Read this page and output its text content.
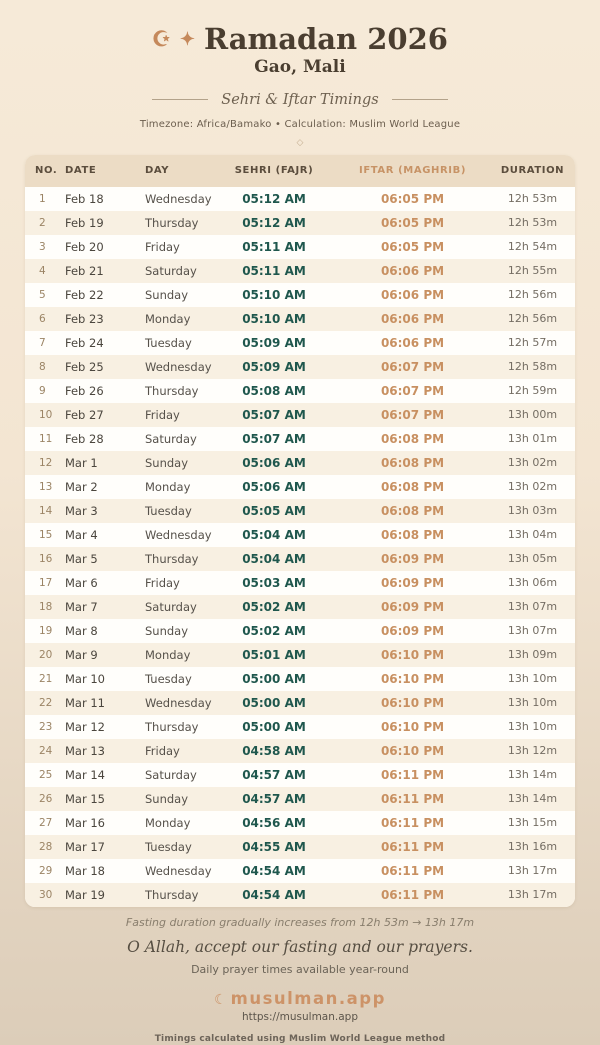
☪ ✦ Ramadan 2026
Gao, Mali
Sehri & Iftar Timings
Timezone: Africa/Bamako • Calculation: Muslim World League
◇
NO. DATE	DAY	SEHRI (FAJR)	IFTAR (MAGHRIB)	DURATION
1	Feb 18	Wednesday	05:12 AM	06:05 PM	12h 53m
2	Feb 19	Thursday	05:12 AM	06:05 PM	12h 53m
3	Feb 20	Friday	05:11 AM	06:05 PM	12h 54m
4	Feb 21	Saturday	05:11 AM	06:06 PM	12h 55m
5	Feb 22	Sunday	05:10 AM	06:06 PM	12h 56m
6	Feb 23	Monday	05:10 AM	06:06 PM	12h 56m
7	Feb 24	Tuesday	05:09 AM	06:06 PM	12h 57m
8	Feb 25	Wednesday	05:09 AM	06:07 PM	12h 58m
9	Feb 26	Thursday	05:08 AM	06:07 PM	12h 59m
10	Feb 27	Friday	05:07 AM	06:07 PM	13h 00m
11	Feb 28	Saturday	05:07 AM	06:08 PM	13h 01m
12	Mar 1	Sunday	05:06 AM	06:08 PM	13h 02m
13	Mar 2	Monday	05:06 AM	06:08 PM	13h 02m
14	Mar 3	Tuesday	05:05 AM	06:08 PM	13h 03m
15	Mar 4	Wednesday	05:04 AM	06:08 PM	13h 04m
16	Mar 5	Thursday	05:04 AM	06:09 PM	13h 05m
17	Mar 6	Friday	05:03 AM	06:09 PM	13h 06m
18	Mar 7	Saturday	05:02 AM	06:09 PM	13h 07m
19	Mar 8	Sunday	05:02 AM	06:09 PM	13h 07m
20	Mar 9	Monday	05:01 AM	06:10 PM	13h 09m
21	Mar 10	Tuesday	05:00 AM	06:10 PM	13h 10m
22	Mar 11	Wednesday	05:00 AM	06:10 PM	13h 10m
23	Mar 12	Thursday	05:00 AM	06:10 PM	13h 10m
24	Mar 13	Friday	04:58 AM	06:10 PM	13h 12m
25	Mar 14	Saturday	04:57 AM	06:11 PM	13h 14m
26	Mar 15	Sunday	04:57 AM	06:11 PM	13h 14m
27	Mar 16	Monday	04:56 AM	06:11 PM	13h 15m
28	Mar 17	Tuesday	04:55 AM	06:11 PM	13h 16m
29	Mar 18	Wednesday	04:54 AM	06:11 PM	13h 17m
30	Mar 19	Thursday	04:54 AM	06:11 PM	13h 17m
Fasting duration gradually increases from 12h 53m → 13h 17m
O Allah, accept our fasting and our prayers.
Daily prayer times available year-round
☾ musulman.app
https://musulman.app
Timings calculated using Muslim World League method
